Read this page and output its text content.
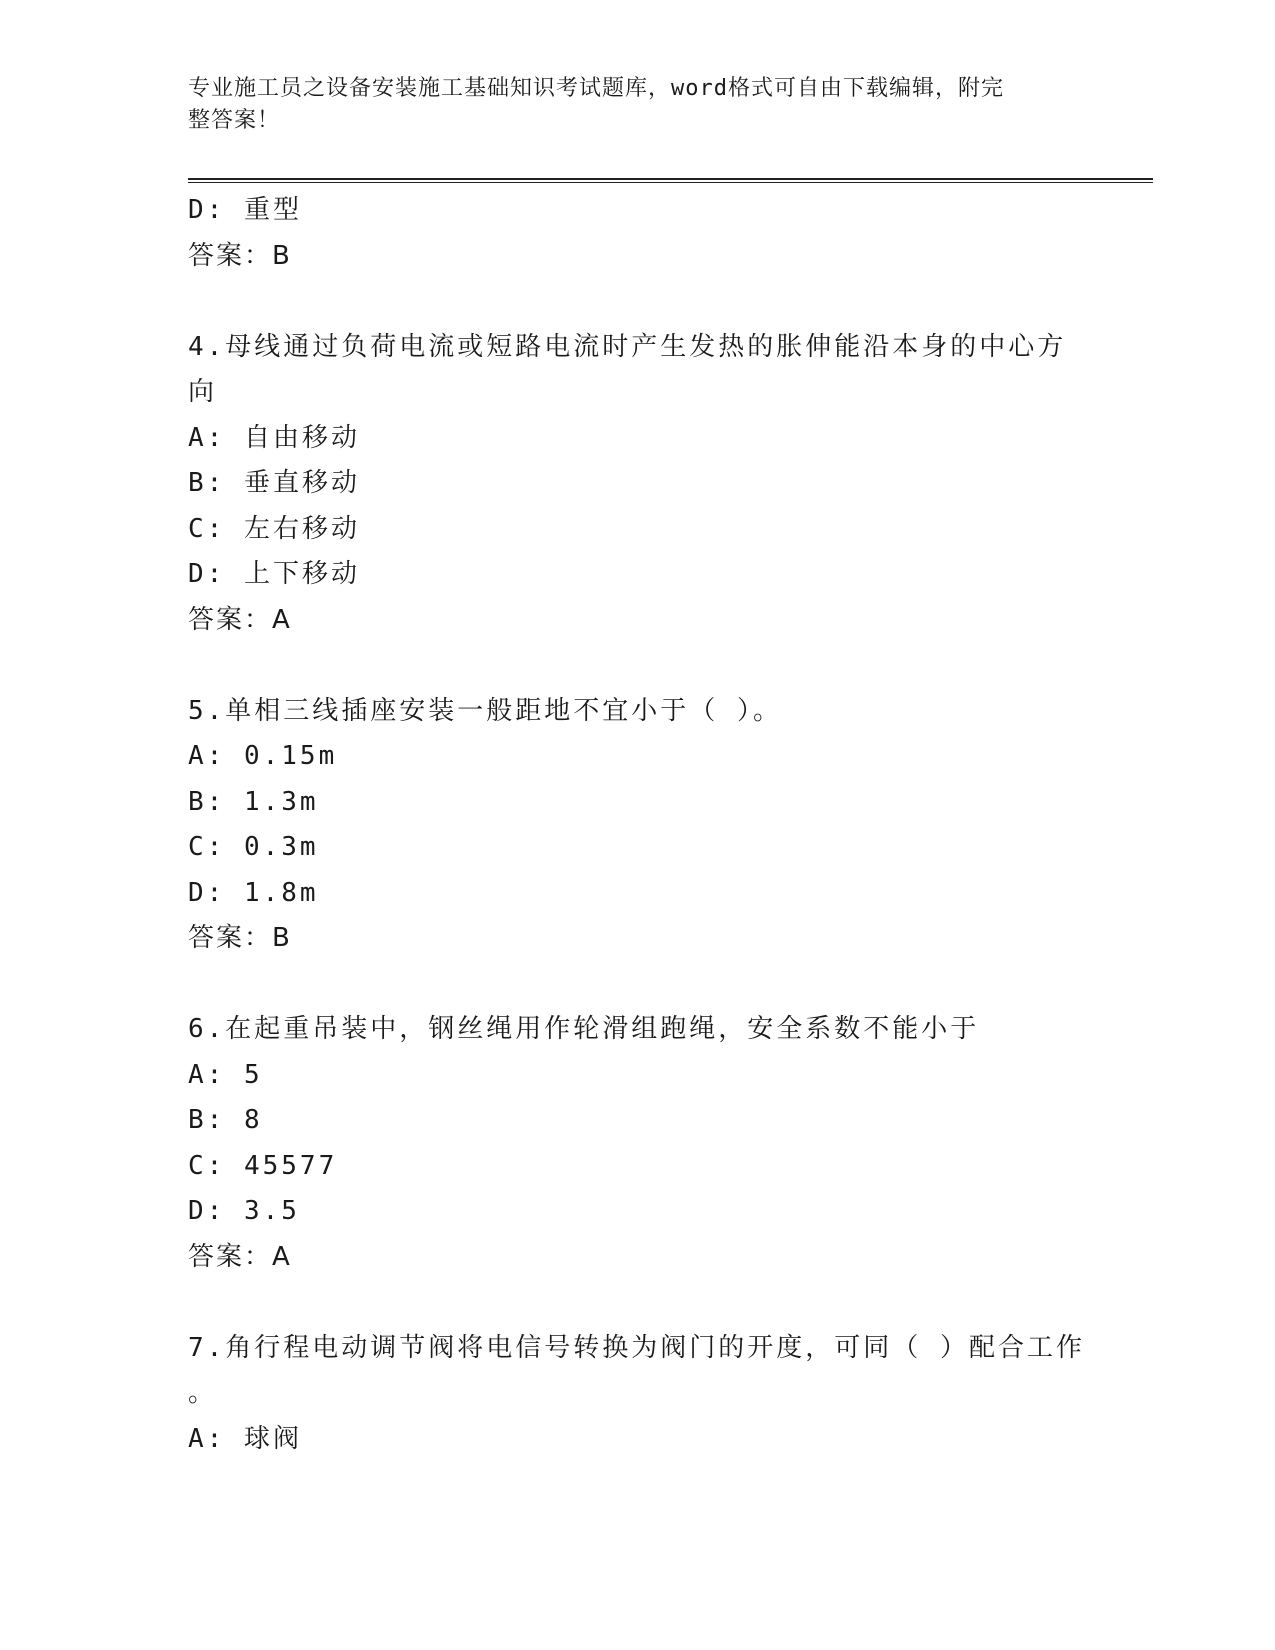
专业施工员之设备安装施工基础知识考试题库，word格式可自由下载编辑，附完
整答案！
D: 重型
答案：B
4.母线通过负荷电流或短路电流时产生发热的胀伸能沿本身的中心方
向
A: 自由移动
B: 垂直移动
C: 左右移动
D: 上下移动
答案：A
5.单相三线插座安装一般距地不宜小于（ ）。
A: 0.15m
B: 1.3m
C: 0.3m
D: 1.8m
答案：B
6.在起重吊装中，钢丝绳用作轮滑组跑绳，安全系数不能小于
A: 5
B: 8
C: 45577
D: 3.5
答案：A
7.角行程电动调节阀将电信号转换为阀门的开度，可同（ ）配合工作
。
A: 球阀
